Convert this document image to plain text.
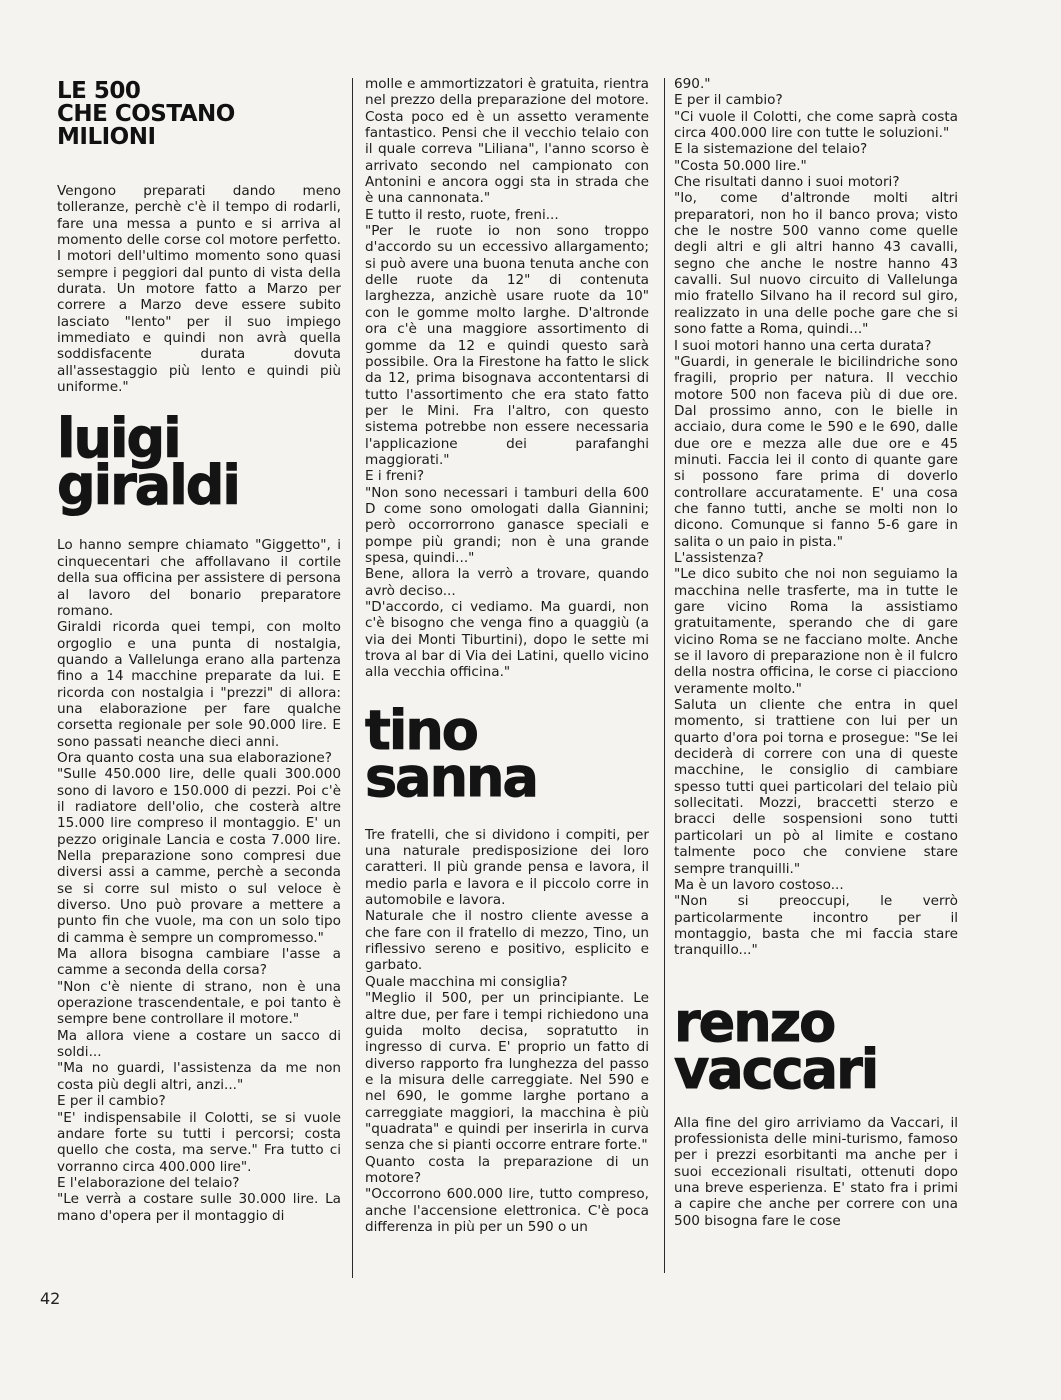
LE 500
CHE COSTANO
MILIONI

Vengono preparati dando meno tolleranze, perchè c'è il tempo di rodarli, fare una messa a punto e si arriva al momento delle corse col motore perfetto. I motori dell'ultimo momento sono quasi sempre i peggiori dal punto di vista della durata. Un motore fatto a Marzo per correre a Marzo deve essere subito lasciato "lento" per il suo impiego immediato e quindi non avrà quella soddisfacente durata dovuta all'assestaggio più lento e quindi più uniforme."

luigi
giraldi

Lo hanno sempre chiamato "Giggetto", i cinquecentari che affollavano il cortile della sua officina per assistere di persona al lavoro del bonario preparatore romano.

Giraldi ricorda quei tempi, con molto orgoglio e una punta di nostalgia, quando a Vallelunga erano alla partenza fino a 14 macchine preparate da lui. E ricorda con nostalgia i "prezzi" di allora: una elaborazione per fare qualche corsetta regionale per sole 90.000 lire. E sono passati neanche dieci anni.

Ora quanto costa una sua elaborazione?

"Sulle 450.000 lire, delle quali 300.000 sono di lavoro e 150.000 di pezzi. Poi c'è il radiatore dell'olio, che costerà altre 15.000 lire compreso il montaggio. E' un pezzo originale Lancia e costa 7.000 lire. Nella preparazione sono compresi due diversi assi a camme, perchè a seconda se si corre sul misto o sul veloce è diverso. Uno può provare a mettere a punto fin che vuole, ma con un solo tipo di camma è sempre un compromesso."

Ma allora bisogna cambiare l'asse a camme a seconda della corsa?

"Non c'è niente di strano, non è una operazione trascendentale, e poi tanto è sempre bene controllare il motore."

Ma allora viene a costare un sacco di soldi...

"Ma no guardi, l'assistenza da me non costa più degli altri, anzi..."

E per il cambio?

"E' indispensabile il Colotti, se si vuole andare forte su tutti i percorsi; costa quello che costa, ma serve." Fra tutto ci vorranno circa 400.000 lire".

E l'elaborazione del telaio?

"Le verrà a costare sulle 30.000 lire. La mano d'opera per il montaggio di

molle e ammortizzatori è gratuita, rientra nel prezzo della preparazione del motore. Costa poco ed è un assetto veramente fantastico. Pensi che il vecchio telaio con il quale correva "Liliana", l'anno scorso è arrivato secondo nel campionato con Antonini e ancora oggi sta in strada che è una cannonata."

E tutto il resto, ruote, freni...

"Per le ruote io non sono troppo d'accordo su un eccessivo allargamento; si può avere una buona tenuta anche con delle ruote da 12" di contenuta larghezza, anzichè usare ruote da 10" con le gomme molto larghe. D'altronde ora c'è una maggiore assortimento di gomme da 12 e quindi questo sarà possibile. Ora la Firestone ha fatto le slick da 12, prima bisognava accontentarsi di tutto l'assortimento che era stato fatto per le Mini. Fra l'altro, con questo sistema potrebbe non essere necessaria l'applicazione dei parafanghi maggiorati."

E i freni?

"Non sono necessari i tamburi della 600 D come sono omologati dalla Giannini; però occorrorrono ganasce speciali e pompe più grandi; non è una grande spesa, quindi..."

Bene, allora la verrò a trovare, quando avrò deciso...

"D'accordo, ci vediamo. Ma guardi, non c'è bisogno che venga fino a quaggiù (a via dei Monti Tiburtini), dopo le sette mi trova al bar di Via dei Latini, quello vicino alla vecchia officina."

tino
sanna

Tre fratelli, che si dividono i compiti, per una naturale predisposizione dei loro caratteri. Il più grande pensa e lavora, il medio parla e lavora e il piccolo corre in automobile e lavora.

Naturale che il nostro cliente avesse a che fare con il fratello di mezzo, Tino, un riflessivo sereno e positivo, esplicito e garbato.

Quale macchina mi consiglia?

"Meglio il 500, per un principiante. Le altre due, per fare i tempi richiedono una guida molto decisa, sopratutto in ingresso di curva. E' proprio un fatto di diverso rapporto fra lunghezza del passo e la misura delle carreggiate. Nel 590 e nel 690, le gomme larghe portano a carreggiate maggiori, la macchina è più "quadrata" e quindi per inserirla in curva senza che si pianti occorre entrare forte."

Quanto costa la preparazione di un motore?

"Occorrono 600.000 lire, tutto compreso, anche l'accensione elettronica. C'è poca differenza in più per un 590 o un

690."

E per il cambio?

"Ci vuole il Colotti, che come saprà costa circa 400.000 lire con tutte le soluzioni."

E la sistemazione del telaio?

"Costa 50.000 lire."

Che risultati danno i suoi motori?

"Io, come d'altronde molti altri preparatori, non ho il banco prova; visto che le nostre 500 vanno come quelle degli altri e gli altri hanno 43 cavalli, segno che anche le nostre hanno 43 cavalli. Sul nuovo circuito di Vallelunga mio fratello Silvano ha il record sul giro, realizzato in una delle poche gare che si sono fatte a Roma, quindi..."

I suoi motori hanno una certa durata?

"Guardi, in generale le bicilindriche sono fragili, proprio per natura. Il vecchio motore 500 non faceva più di due ore. Dal prossimo anno, con le bielle in acciaio, dura come le 590 e le 690, dalle due ore e mezza alle due ore e 45 minuti. Faccia lei il conto di quante gare si possono fare prima di doverlo controllare accuratamente. E' una cosa che fanno tutti, anche se molti non lo dicono. Comunque si fanno 5-6 gare in salita o un paio in pista."

L'assistenza?

"Le dico subito che noi non seguiamo la macchina nelle trasferte, ma in tutte le gare vicino Roma la assistiamo gratuitamente, sperando che di gare vicino Roma se ne facciano molte. Anche se il lavoro di preparazione non è il fulcro della nostra officina, le corse ci piacciono veramente molto."

Saluta un cliente che entra in quel momento, si trattiene con lui per un quarto d'ora poi torna e prosegue: "Se lei deciderà di correre con una di queste macchine, le consiglio di cambiare spesso tutti quei particolari del telaio più sollecitati. Mozzi, braccetti sterzo e bracci delle sospensioni sono tutti particolari un pò al limite e costano talmente poco che conviene stare sempre tranquilli."

Ma è un lavoro costoso...

"Non si preoccupi, le verrò particolarmente incontro per il montaggio, basta che mi faccia stare tranquillo..."

renzo
vaccari

Alla fine del giro arriviamo da Vaccari, il professionista delle mini-turismo, famoso per i prezzi esorbitanti ma anche per i suoi eccezionali risultati, ottenuti dopo una breve esperienza. E' stato fra i primi a capire che anche per correre con una 500 bisogna fare le cose

42
